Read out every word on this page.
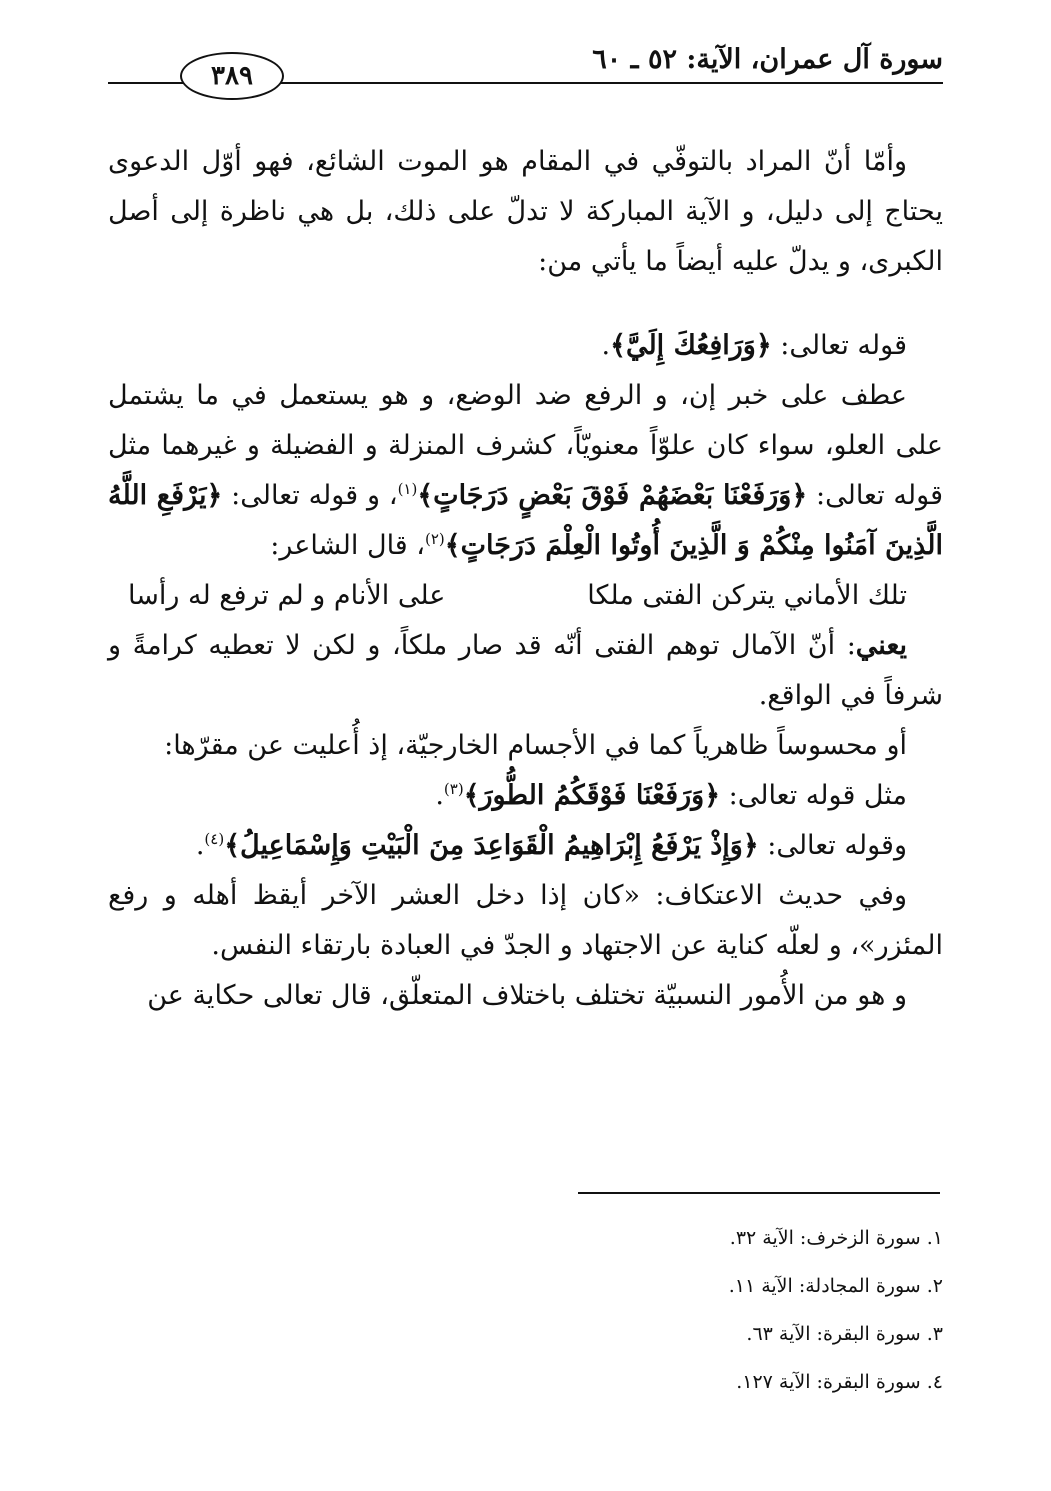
سورة آل عمران، الآية: ٥٢ ـ ٦٠
٣٨٩

وأمّا أنّ المراد بالتوفّي في المقام هو الموت الشائع، فهو أوّل الدعوى يحتاج إلى دليل، و الآية المباركة لا تدلّ على ذلك، بل هي ناظرة إلى أصل الكبرى، و يدلّ عليه أيضاً ما يأتي من:

قوله تعالى: ﴿وَرَافِعُكَ إِلَيَّ﴾.

عطف على خبر إن، و الرفع ضد الوضع، و هو يستعمل في ما يشتمل على العلو، سواء كان علوّاً معنويّاً، كشرف المنزلة و الفضيلة و غيرهما مثل قوله تعالى: ﴿وَرَفَعْنَا بَعْضَهُمْ فَوْقَ بَعْضٍ دَرَجَاتٍ﴾$^{(١)}$، و قوله تعالى: ﴿يَرْفَعِ اللَّهُ الَّذِينَ آمَنُوا مِنْكُمْ وَ الَّذِينَ أُوتُوا الْعِلْمَ دَرَجَاتٍ﴾$^{(٢)}$، قال الشاعر:

تلك الأماني يتركن الفتى ملكا
على الأنام و لم ترفع له رأسا

يعني: أنّ الآمال توهم الفتى أنّه قد صار ملكاً، و لكن لا تعطيه كرامةً و شرفاً في الواقع.

أو محسوساً ظاهرياً كما في الأجسام الخارجيّة، إذ أُعليت عن مقرّها:

مثل قوله تعالى: ﴿وَرَفَعْنَا فَوْقَكُمُ الطُّورَ﴾$^{(٣)}$.

وقوله تعالى: ﴿وَإِذْ يَرْفَعُ إِبْرَاهِيمُ الْقَوَاعِدَ مِنَ الْبَيْتِ وَإِسْمَاعِيلُ﴾$^{(٤)}$.

وفي حديث الاعتكاف: «كان إذا دخل العشر الآخر أيقظ أهله و رفع المئزر»، و لعلّه كناية عن الاجتهاد و الجدّ في العبادة بارتقاء النفس.

و هو من الأُمور النسبيّة تختلف باختلاف المتعلّق، قال تعالى حكاية عن

١. سورة الزخرف: الآية ٣٢.
٢. سورة المجادلة: الآية ١١.
٣. سورة البقرة: الآية ٦٣.
٤. سورة البقرة: الآية ١٢٧.
